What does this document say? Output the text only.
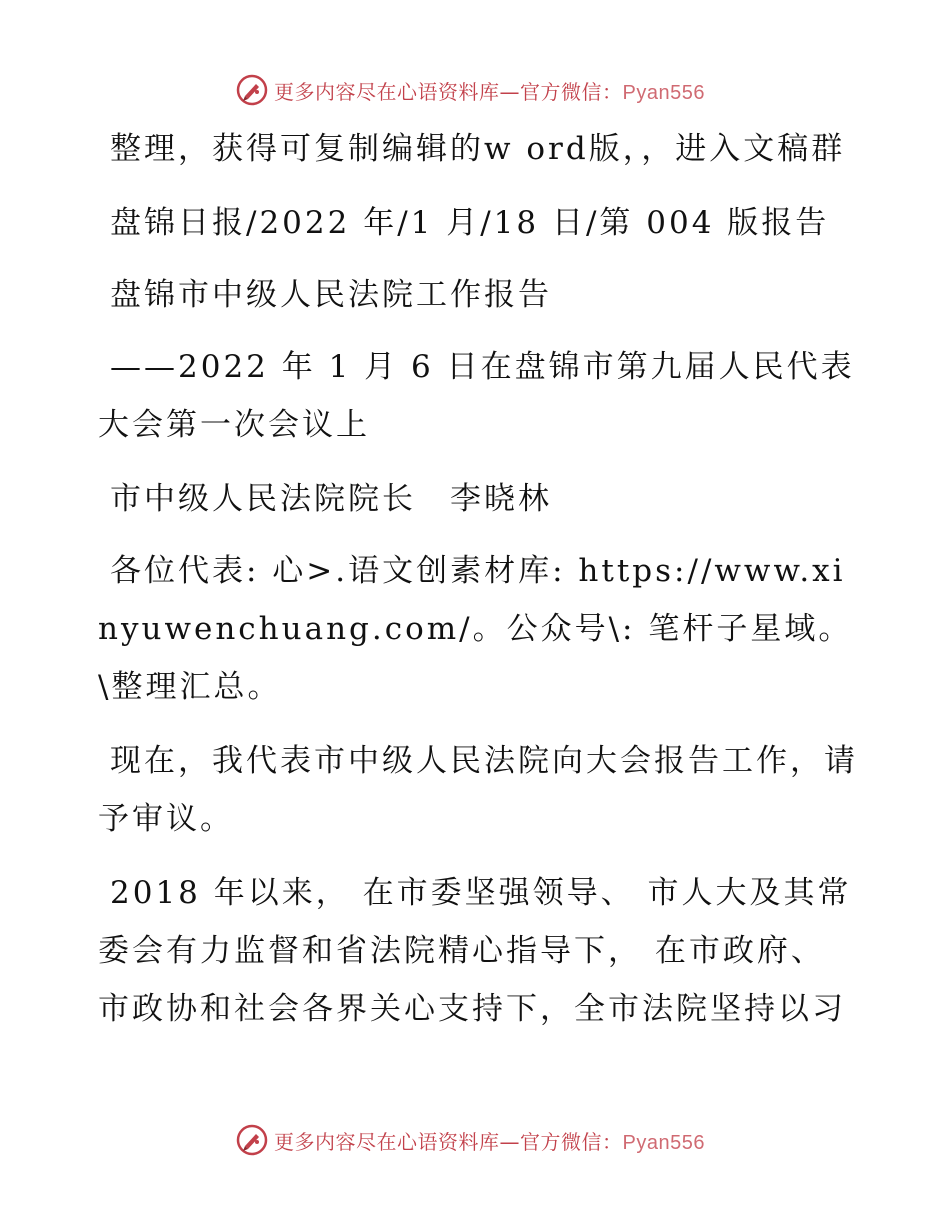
更多内容尽在心语资料库—官方微信：Pyan556

整理，获得可复制编辑的w ord版，，进入文稿群

盘锦日报/2022 年/1 月/18 日/第 004 版报告

盘锦市中级人民法院工作报告

——2022 年 1 月 6 日在盘锦市第九届人民代表大会第一次会议上

市中级人民法院院长　李晓林

各位代表: 心>.语文创素材库: https://www.xinyuwenchuang.com/。公众号\: 笔杆子星域。\整理汇总。

现在，我代表市中级人民法院向大会报告工作，请予审议。

2018 年以来， 在市委坚强领导、 市人大及其常委会有力监督和省法院精心指导下， 在市政府、市政协和社会各界关心支持下，全市法院坚持以习

更多内容尽在心语资料库—官方微信：Pyan556
